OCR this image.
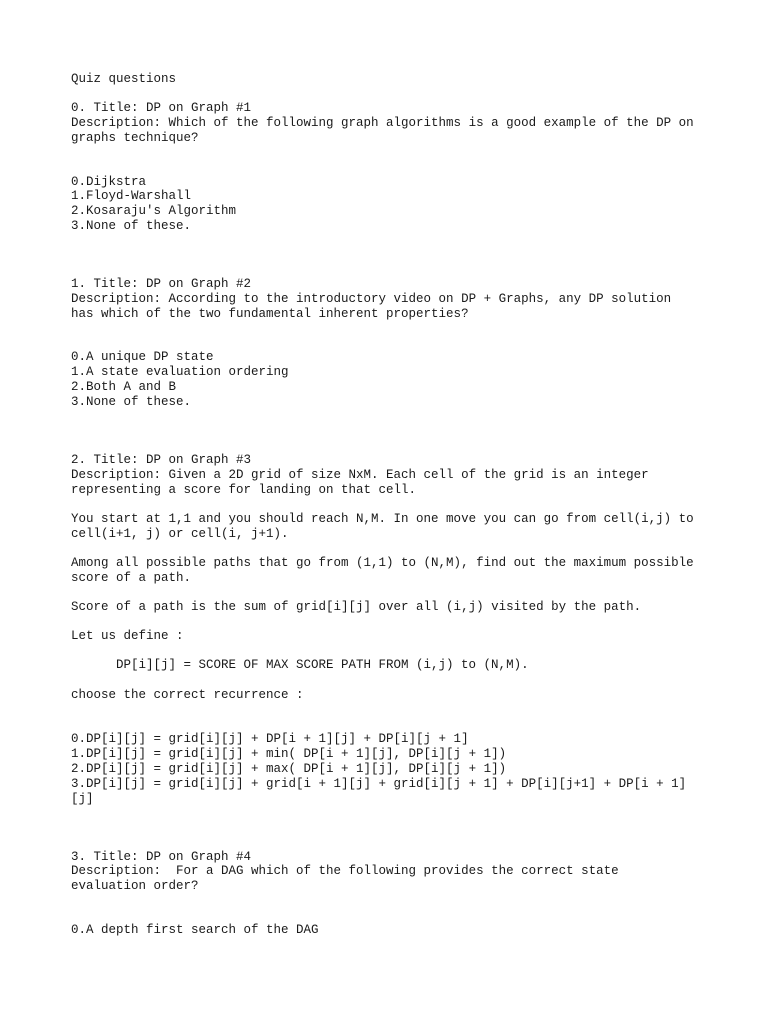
Quiz questions
0. Title: DP on Graph #1
Description: Which of the following graph algorithms is a good example of the DP on
graphs technique?
0.Dijkstra
1.Floyd-Warshall
2.Kosaraju's Algorithm
3.None of these.
1. Title: DP on Graph #2
Description: According to the introductory video on DP + Graphs, any DP solution
has which of the two fundamental inherent properties?
0.A unique DP state
1.A state evaluation ordering
2.Both A and B
3.None of these.
2. Title: DP on Graph #3
Description: Given a 2D grid of size NxM. Each cell of the grid is an integer
representing a score for landing on that cell.
You start at 1,1 and you should reach N,M. In one move you can go from cell(i,j) to
cell(i+1, j) or cell(i, j+1).
Among all possible paths that go from (1,1) to (N,M), find out the maximum possible
score of a path.
Score of a path is the sum of grid[i][j] over all (i,j) visited by the path.
Let us define :
DP[i][j] = SCORE OF MAX SCORE PATH FROM (i,j) to (N,M).
choose the correct recurrence :
0.DP[i][j] = grid[i][j] + DP[i + 1][j] + DP[i][j + 1]
1.DP[i][j] = grid[i][j] + min( DP[i + 1][j], DP[i][j + 1])
2.DP[i][j] = grid[i][j] + max( DP[i + 1][j], DP[i][j + 1])
3.DP[i][j] = grid[i][j] + grid[i + 1][j] + grid[i][j + 1] + DP[i][j+1] + DP[i + 1]
[j]
3. Title: DP on Graph #4
Description:  For a DAG which of the following provides the correct state
evaluation order?
0.A depth first search of the DAG
